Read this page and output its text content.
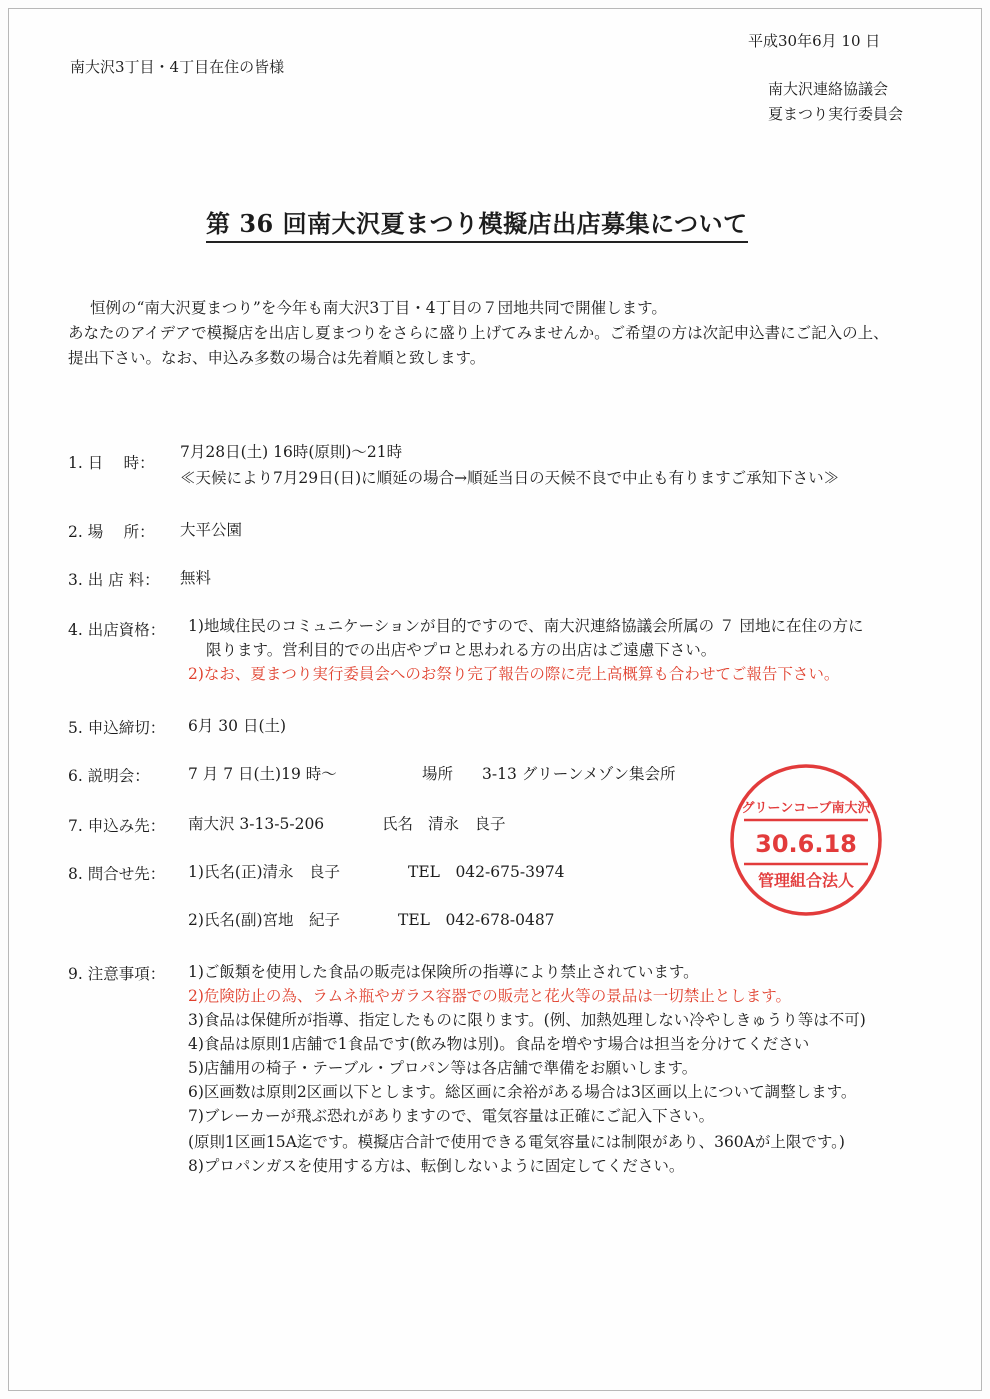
平成30年6月 10 日
南大沢3丁目・4丁目在住の皆様
南大沢連絡協議会
夏まつり実行委員会
第 36 回南大沢夏まつり模擬店出店募集について
恒例の“南大沢夏まつり”を今年も南大沢3丁目・4丁目の７団地共同で開催します。
あなたのアイデアで模擬店を出店し夏まつりをさらに盛り上げてみませんか。ご希望の方は次記申込書にご記入の上、
提出下さい。なお、申込み多数の場合は先着順と致します。
1. 日　 時：
7月28日(土) 16時(原則)～21時
≪天候により7月29日(日)に順延の場合→順延当日の天候不良で中止も有りますご承知下さい≫
2. 場　 所： 大平公園
3. 出 店 料： 無料
4. 出店資格： 1)地域住民のコミュニケーションが目的ですので、南大沢連絡協議会所属の ７ 団地に在住の方に
限ります。営利目的での出店やプロと思われる方の出店はご遠慮下さい。
2)なお、夏まつり実行委員会へのお祭り完了報告の際に売上高概算も合わせてご報告下さい。
5. 申込締切： 6月 30 日(土)
6. 説明会： 7 月 7 日(土)19 時～	場所 3-13 グリーンメゾン集会所
7. 申込み先： 南大沢 3-13-5-206	氏名 清永　良子
8. 問合せ先： 1)氏名(正)清永　良子	TEL　042-675-3974
2)氏名(副)宮地　紀子	TEL　042-678-0487
9. 注意事項： 1)ご飯類を使用した食品の販売は保険所の指導により禁止されています。
2)危険防止の為、ラムネ瓶やガラス容器での販売と花火等の景品は一切禁止とします。
3)食品は保健所が指導、指定したものに限ります。(例、加熱処理しない冷やしきゅうり等は不可)
4)食品は原則1店舗で1食品です(飲み物は別)。食品を増やす場合は担当を分けてください
5)店舗用の椅子・テーブル・プロパン等は各店舗で準備をお願いします。
6)区画数は原則2区画以下とします。総区画に余裕がある場合は3区画以上について調整します。
7)ブレーカーが飛ぶ恐れがありますので、電気容量は正確にご記入下さい。
(原則1区画15A迄です。模擬店合計で使用できる電気容量には制限があり、360Aが上限です。)
8)プロパンガスを使用する方は、転倒しないように固定してください。
グリーンコーブ南大沢
30.6.18
管理組合法人
